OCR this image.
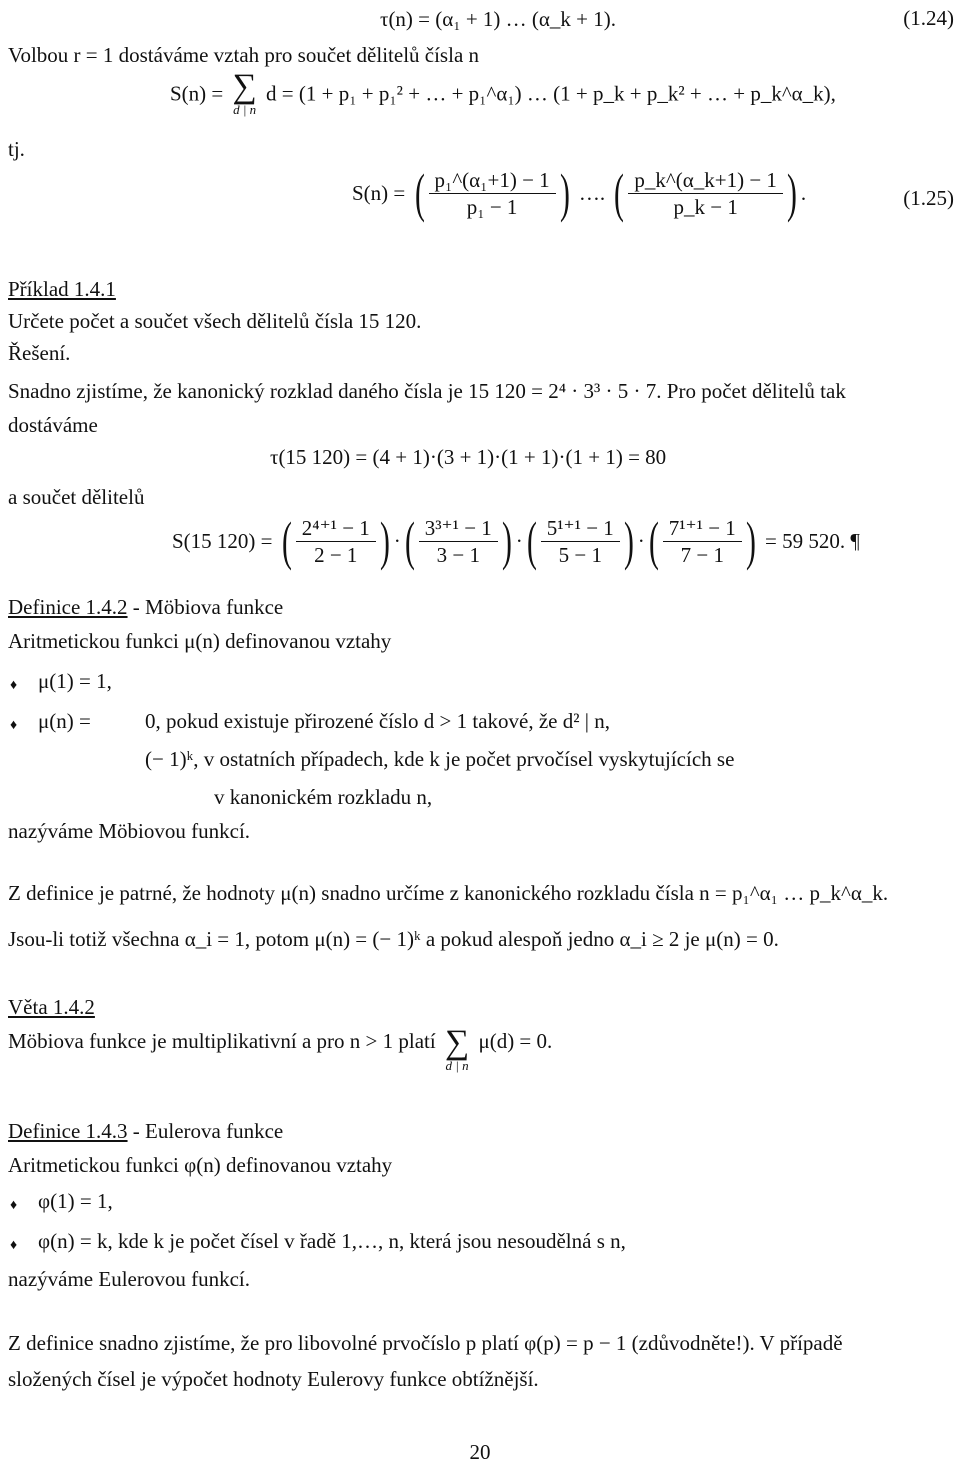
τ(n) = (α₁ + 1) … (α_k + 1).	(1.24)
Volbou r = 1 dostáváme vztah pro součet dělitelů čísla n
S(n) = ∑
d | n
d = (1 + p₁ + p₁² + … + p₁^α₁) … (1 + p_k + p_k² + … + p_k^α_k),
tj.
S(n) = ( $\frac{\text{p₁\textasciicircum{}(α₁+1) − 1}}{\text{p₁ − 1}}$ ) …. ( $\frac{p\_k\^{}(\alpha\_k+1) - 1}{p\_k - 1}$ ) .	(1.25)
Příklad 1.4.1
Určete počet a součet všech dělitelů čísla 15 120.
Řešení.
Snadno zjistíme, že kanonický rozklad daného čísla je 15 120 = 2⁴ · 3³ · 5 · 7. Pro počet dělitelů tak
dostáváme
τ(15 120) = (4 + 1)·(3 + 1)·(1 + 1)·(1 + 1) = 80
a součet dělitelů
S(15 120) = ( $\frac{\text{2⁴⁺¹ − 1}}{2 - 1}$ ) ·( $\frac{\text{3³⁺¹ − 1}}{3 - 1}$ ) ·( $\frac{\text{5¹⁺¹ − 1}}{5 - 1}$ ) ·( $\frac{\text{7¹⁺¹ − 1}}{7 - 1}$ ) = 59 520. ¶
Definice 1.4.2 - Möbiova funkce
Aritmetickou funkci μ(n) definovanou vztahy
♦ μ(1) = 1,
♦ μ(n) =	0, pokud existuje přirozené číslo d > 1 takové, že d² | n,
(− 1)ᵏ, v ostatních případech, kde k je počet prvočísel vyskytujících se
v kanonickém rozkladu n,
nazýváme Möbiovou funkcí.
Z definice je patrné, že hodnoty μ(n) snadno určíme z kanonického rozkladu čísla n = p₁^α₁ … p_k^α_k.
Jsou-li totiž všechna α_i = 1, potom μ(n) = (− 1)ᵏ a pokud alespoň jedno α_i ≥ 2 je μ(n) = 0.
Věta 1.4.2
Möbiova funkce je multiplikativní a pro n > 1 platí ∑
d | n
μ(d) = 0.
Definice 1.4.3 - Eulerova funkce
Aritmetickou funkci φ(n) definovanou vztahy
♦ φ(1) = 1,
♦ φ(n) = k, kde k je počet čísel v řadě 1,…, n, která jsou nesoudělná s n,
nazýváme Eulerovou funkcí.
Z definice snadno zjistíme, že pro libovolné prvočíslo p platí φ(p) = p − 1 (zdůvodněte!). V případě
složených čísel je výpočet hodnoty Eulerovy funkce obtížnější.
20
